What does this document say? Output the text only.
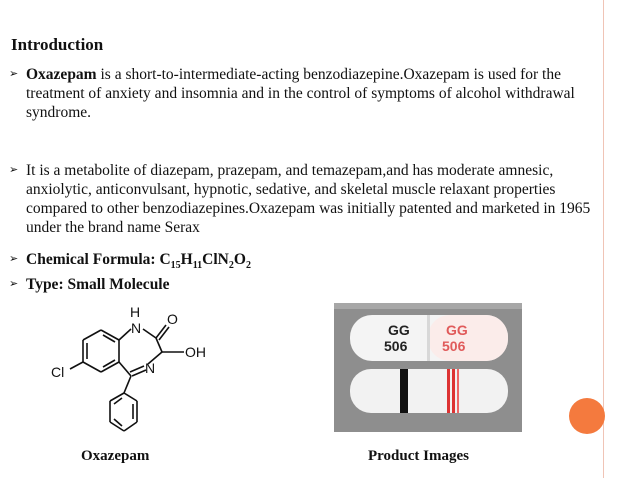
Introduction
➢ Oxazepam is a short-to-intermediate-acting benzodiazepine.Oxazepam is used for the treatment of anxiety and insomnia and in the control of symptoms of alcohol withdrawal syndrome.
➢ It is a metabolite of diazepam, prazepam, and temazepam,and has moderate amnesic, anxiolytic, anticonvulsant, hypnotic, sedative, and skeletal muscle relaxant properties compared to other benzodiazepines.Oxazepam was initially patented and marketed in 1965 under the brand name Serax
➢ Chemical Formula: $C_{15}H_{11}ClN_2O_2$
➢ Type: Small Molecule
H
N
O
OH
Cl	N
GG
506
GG
506
Oxazepam	Product Images
